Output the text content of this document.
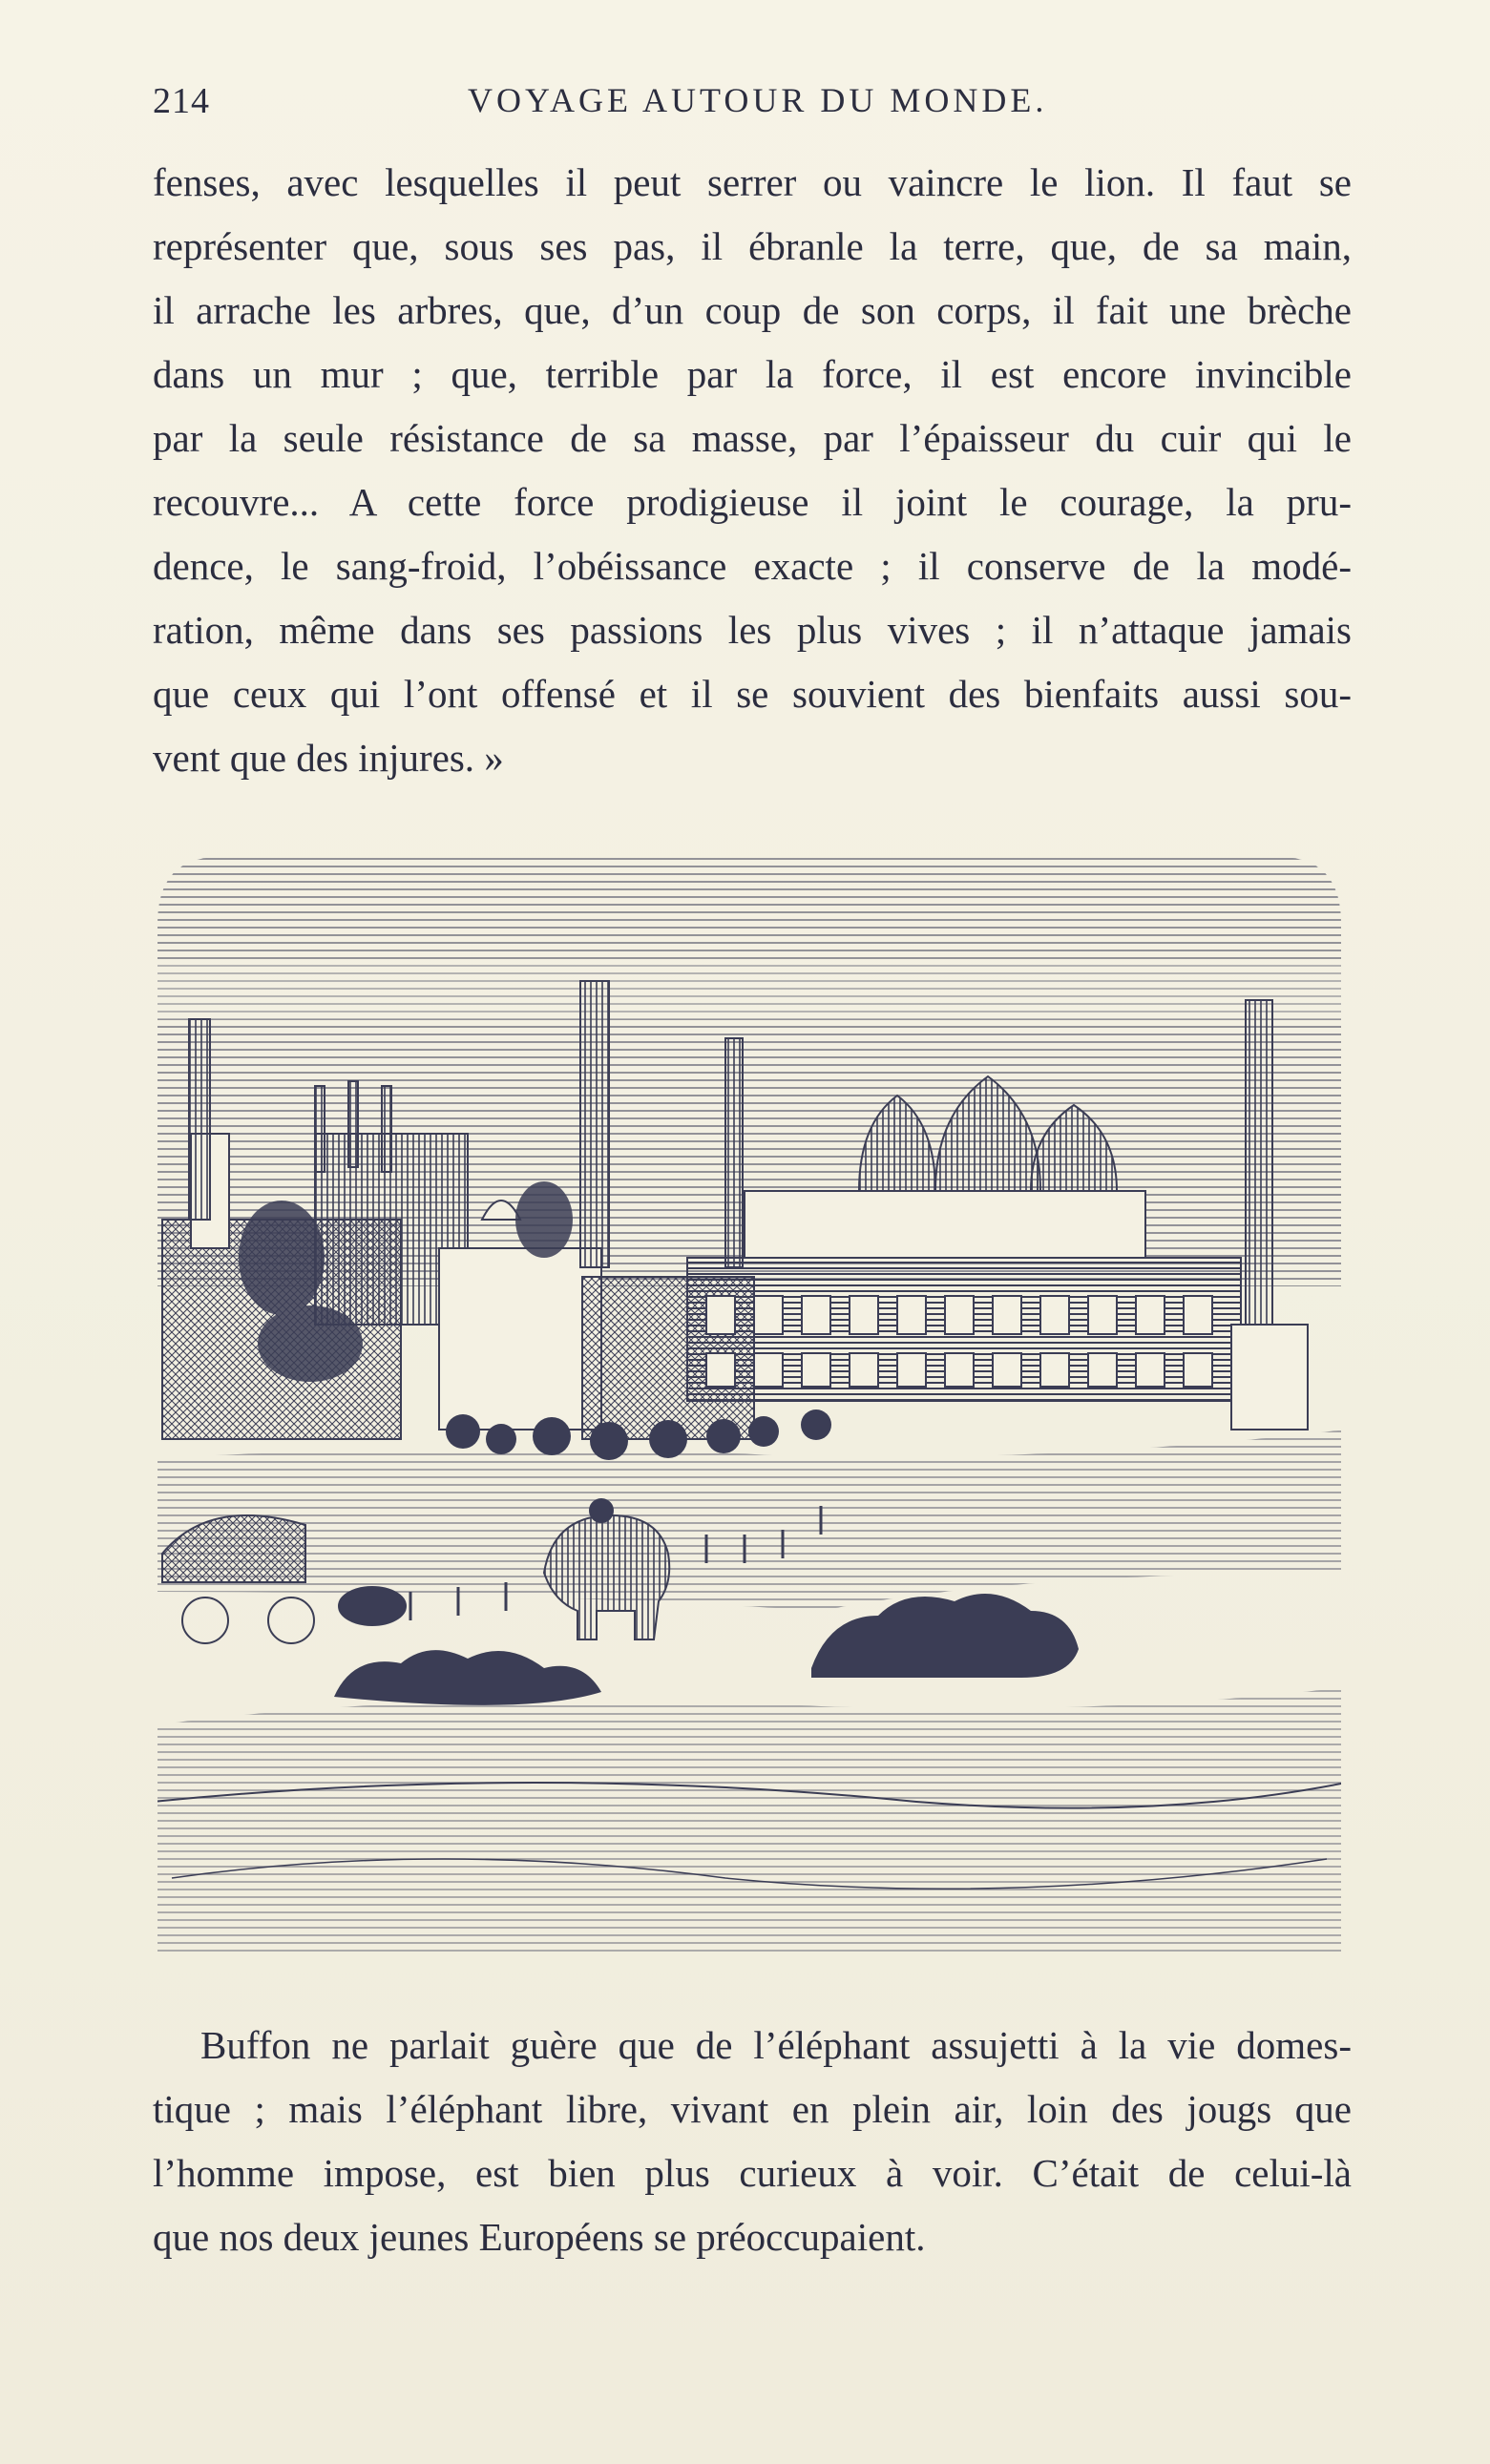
214	VOYAGE AUTOUR DU MONDE.
fenses, avec lesquelles il peut serrer ou vaincre le lion. Il faut se
représenter que, sous ses pas, il ébranle la terre, que, de sa main,
il arrache les arbres, que, d’un coup de son corps, il fait une brèche
dans un mur ; que, terrible par la force, il est encore invincible
par la seule résistance de sa masse, par l’épaisseur du cuir qui le
recouvre... A cette force prodigieuse il joint le courage, la pru-
dence, le sang-froid, l’obéissance exacte ; il conserve de la modé-
ration, même dans ses passions les plus vives ; il n’attaque jamais
que ceux qui l’ont offensé et il se souvient des bienfaits aussi sou-
vent que des injures. »
Buffon ne parlait guère que de l’éléphant assujetti à la vie domes-
tique ; mais l’éléphant libre, vivant en plein air, loin des jougs que
l’homme impose, est bien plus curieux à voir. C’était de celui-là
que nos deux jeunes Européens se préoccupaient.
